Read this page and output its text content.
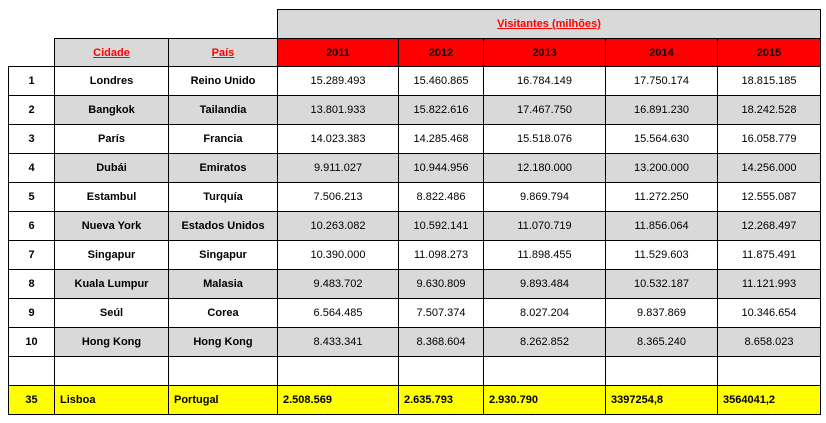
			Visitantes (milhões)				
	Cidade	País	2011	2012	2013	2014	2015
1	Londres	Reino Unido	15.289.493	15.460.865	16.784.149	17.750.174	18.815.185
2	Bangkok	Tailandia	13.801.933	15.822.616	17.467.750	16.891.230	18.242.528
3	París	Francia	14.023.383	14.285.468	15.518.076	15.564.630	16.058.779
4	Dubái	Emiratos	9.911.027	10.944.956	12.180.000	13.200.000	14.256.000
5	Estambul	Turquía	7.506.213	8.822.486	9.869.794	11.272.250	12.555.087
6	Nueva York	Estados Unidos	10.263.082	10.592.141	11.070.719	11.856.064	12.268.497
7	Singapur	Singapur	10.390.000	11.098.273	11.898.455	11.529.603	11.875.491
8	Kuala Lumpur	Malasia	9.483.702	9.630.809	9.893.484	10.532.187	11.121.993
9	Seúl	Corea	6.564.485	7.507.374	8.027.204	9.837.869	10.346.654
10	Hong Kong	Hong Kong	8.433.341	8.368.604	8.262.852	8.365.240	8.658.023

35	Lisboa	Portugal	2.508.569	2.635.793	2.930.790	3397254,8	3564041,2
